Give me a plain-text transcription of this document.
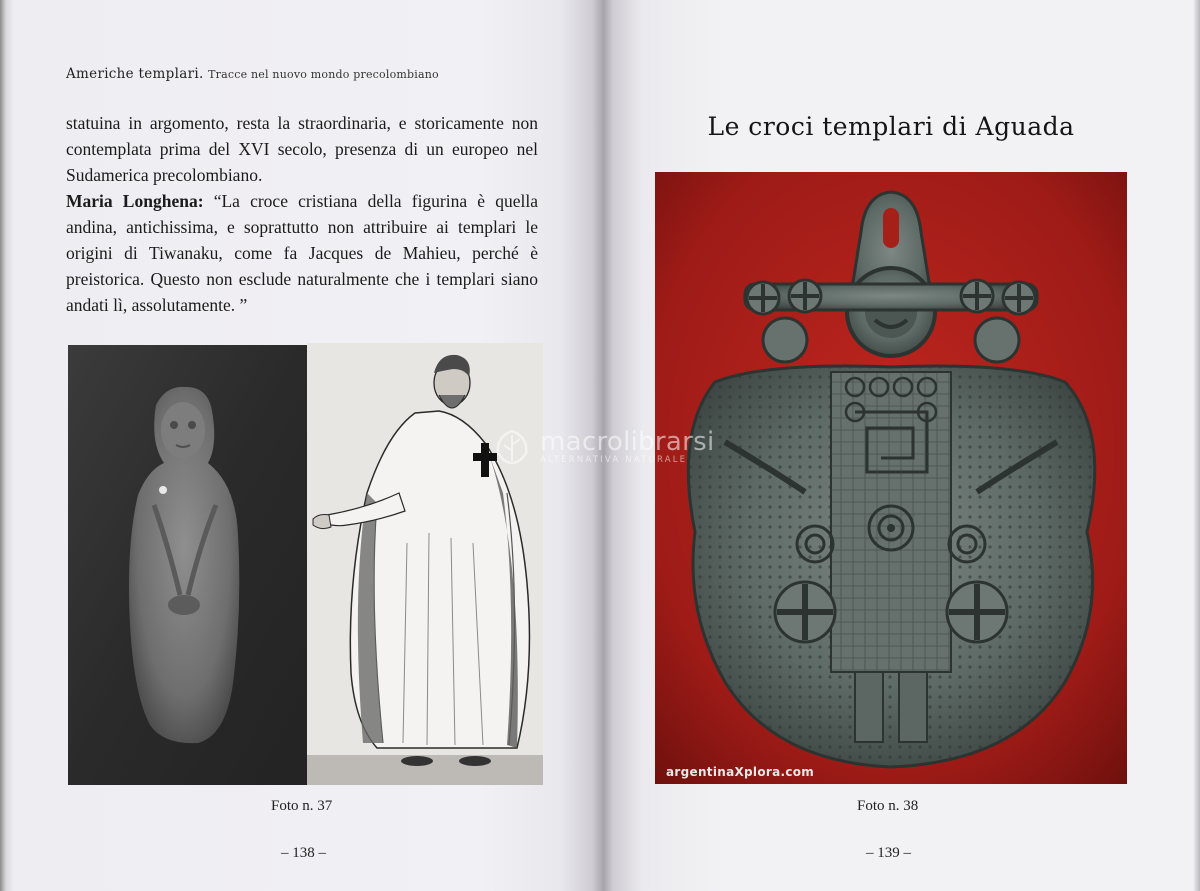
Americhe templari. Tracce nel nuovo mondo precolombiano

statuina in argomento, resta la straordinaria, e storicamente non contemplata prima del XVI secolo, presenza di un europeo nel Sudamerica precolombiano.

Maria Longhena: “La croce cristiana della figurina è quella andina, antichissima, e soprattutto non attribuire ai templari le origini di Tiwanaku, come fa Jacques de Mahieu, perché è preistorica. Questo non esclude naturalmente che i templari siano andati lì, assolutamente. ”

Foto n. 37
– 138 –
Le croci templari di Aguada
argentinaXplora.com
Foto n. 38
– 139 –
macrolibrarsi
ALTERNATIVA NATURALE
